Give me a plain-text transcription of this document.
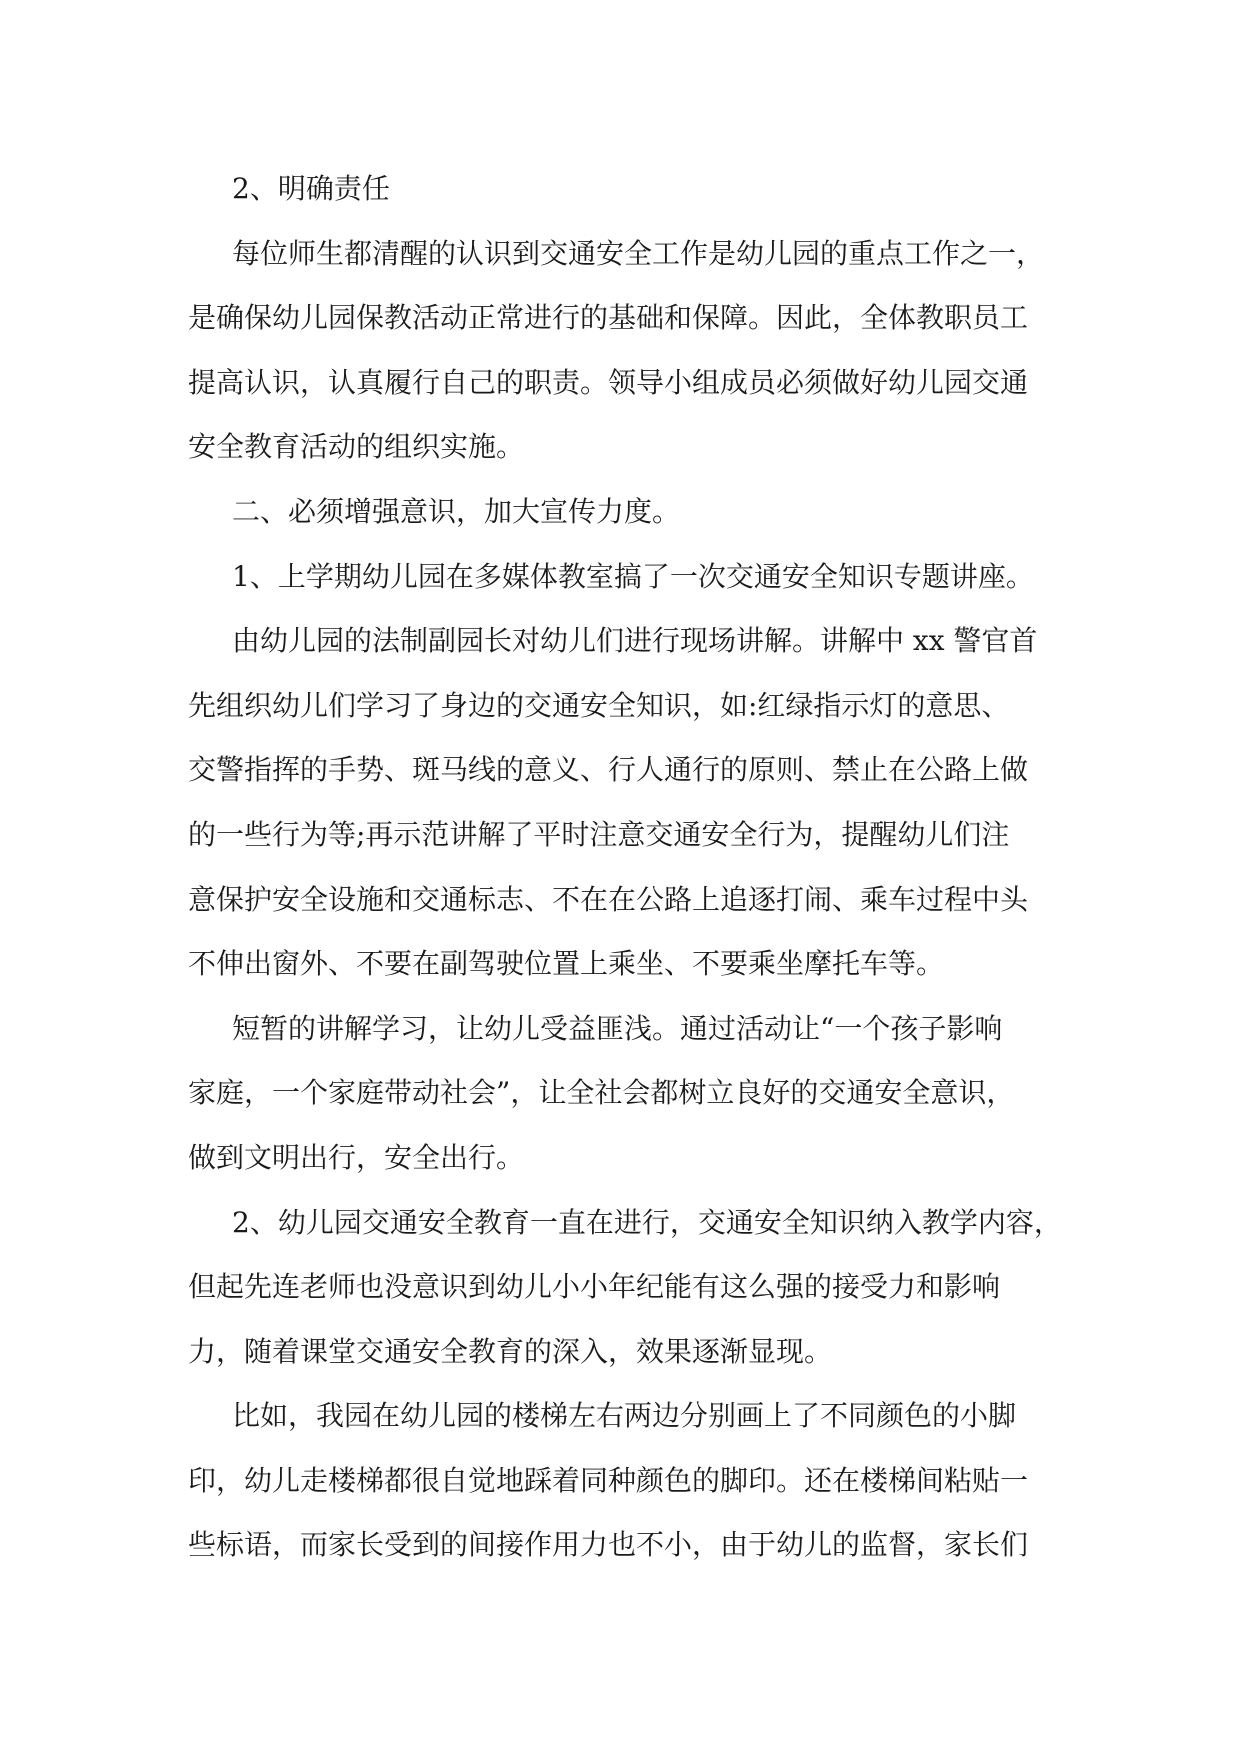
2、明确责任
每位师生都清醒的认识到交通安全工作是幼儿园的重点工作之一，
是确保幼儿园保教活动正常进行的基础和保障。因此，全体教职员工
提高认识，认真履行自己的职责。领导小组成员必须做好幼儿园交通
安全教育活动的组织实施。
二、必须增强意识，加大宣传力度。
1、上学期幼儿园在多媒体教室搞了一次交通安全知识专题讲座。
由幼儿园的法制副园长对幼儿们进行现场讲解。讲解中 xx 警官首
先组织幼儿们学习了身边的交通安全知识，如:红绿指示灯的意思、
交警指挥的手势、斑马线的意义、行人通行的原则、禁止在公路上做
的一些行为等;再示范讲解了平时注意交通安全行为，提醒幼儿们注
意保护安全设施和交通标志、不在在公路上追逐打闹、乘车过程中头
不伸出窗外、不要在副驾驶位置上乘坐、不要乘坐摩托车等。
短暂的讲解学习，让幼儿受益匪浅。通过活动让“一个孩子影响
家庭，一个家庭带动社会”，让全社会都树立良好的交通安全意识，
做到文明出行，安全出行。
2、幼儿园交通安全教育一直在进行，交通安全知识纳入教学内容，
但起先连老师也没意识到幼儿小小年纪能有这么强的接受力和影响
力，随着课堂交通安全教育的深入，效果逐渐显现。
比如，我园在幼儿园的楼梯左右两边分别画上了不同颜色的小脚
印，幼儿走楼梯都很自觉地踩着同种颜色的脚印。还在楼梯间粘贴一
些标语，而家长受到的间接作用力也不小，由于幼儿的监督，家长们
